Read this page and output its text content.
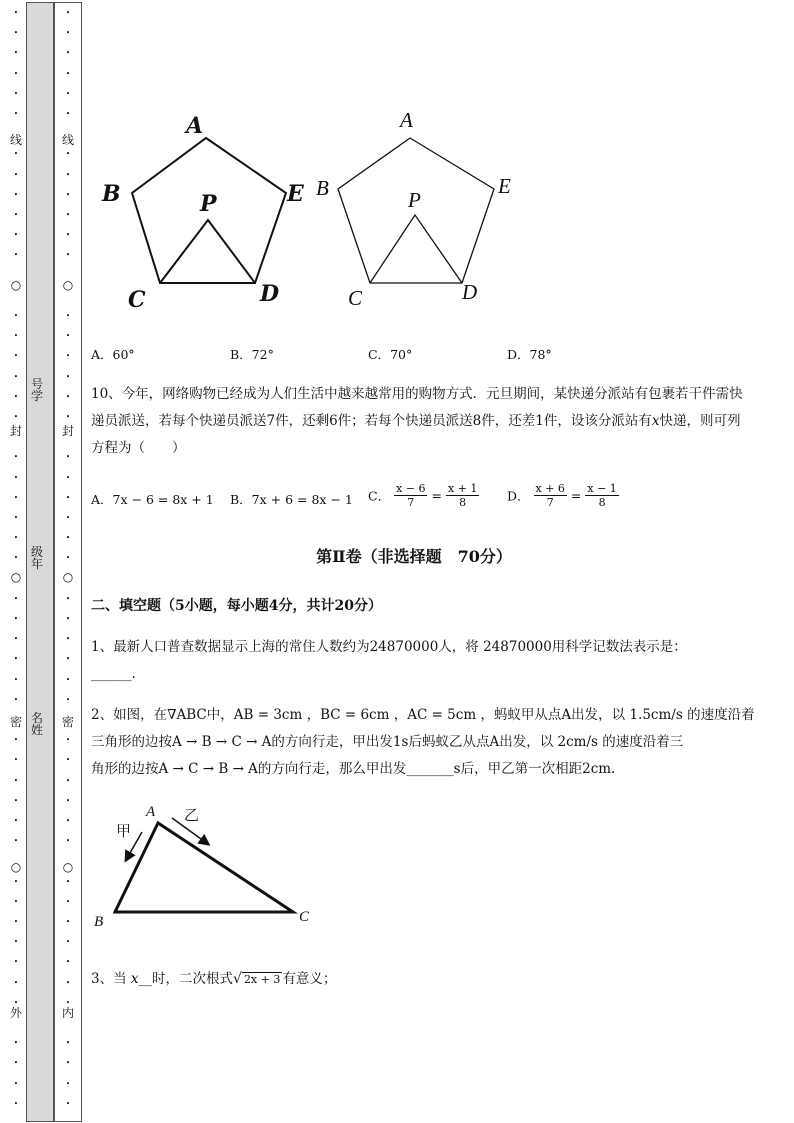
•
•
•
•
•
•
•
•
•
•
•
•
•
•
•
•
•
•
•
•
•
•
•
•
•
•
•
•
•
•
•
•
•
•
•
•
•
•
•
•
•
•
•
•
•
•
•
线
○
封
○
密
○
外
•
•
•
•
•
•
•
•
•
•
•
•
•
•
•
•
•
•
•
•
•
•
•
•
•
•
•
•
•
•
•
•
•
•
•
•
•
•
•
•
•
•
•
•
•
•
•
线
○
封
○
密
○
内
号学
级年
名姓
A
B	E
P
C	D
A
B	E
P
C	D
A．60°	B．72°	C．70°	D．78°
10、今年，网络购物已经成为人们生活中越来越常用的购物方式．元旦期间，某快递分派站有包裹若干件需快递员派送，若每个快递员派送7件，还剩6件；若每个快递员派送8件，还差1件，设该分派站有x快递，则可列方程为（　　）
A．7x − 6 = 8x + 1 B．7x + 6 = 8x − 1 C． $\frac{x - 6}{7} = \frac{x + 1}{8}$ D． $\frac{x + 6}{7} = \frac{x - 1}{8}$
第Ⅱ卷（非选择题　70分）
二、填空题（5小题，每小题4分，共计20分）
1、最新人口普查数据显示上海的常住人数约为24870000人，将 24870000用科学记数法表示是：
______.
2、如图，在∇ABC中，AB = 3cm ，BC = 6cm ，AC = 5cm ，蚂蚁甲从点A出发，以 1.5cm/s 的速度沿着
三角形的边按A → B → C → A的方向行走，甲出发1s后蚂蚁乙从点A出发，以 2cm/s 的速度沿着三
角形的边按A → C → B → A的方向行走，那么甲出发_______s后，甲乙第一次相距2cm.
A
B	C
甲
乙
3、当 x__时，二次根式√ 2x + 3 有意义；
